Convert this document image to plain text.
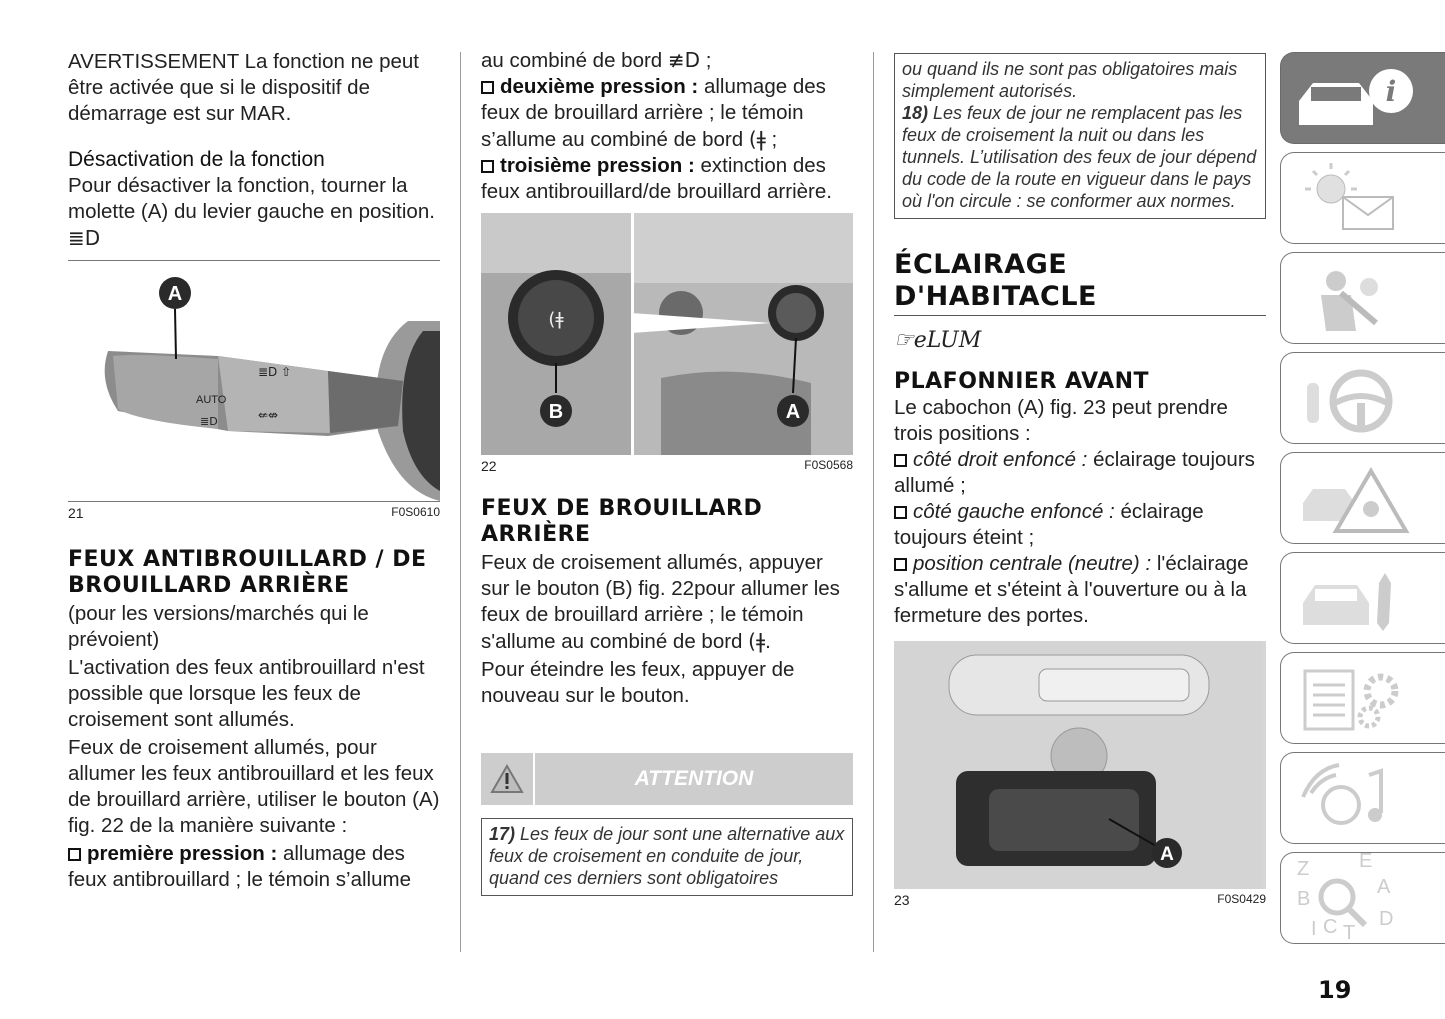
AVERTISSEMENT La fonction ne peut être activée que si le dispositif de démarrage est sur MAR.

Désactivation de la fonction

Pour désactiver la fonction, tourner la molette (A) du levier gauche en position. ≣D

AUTO
≣D ⇧
⇍⇎
≣D
A
21	F0S0610
FEUX ANTIBROUILLARD / DE BROUILLARD ARRIÈRE

(pour les versions/marchés qui le prévoient)

L'activation des feux antibrouillard n'est possible que lorsque les feux de croisement sont allumés.

Feux de croisement allumés, pour allumer les feux antibrouillard et les feux de brouillard arrière, utiliser le bouton (A) fig. 22 de la manière suivante :

première pression : allumage des feux antibrouillard ; le témoin s’allume

au combiné de bord ≢D ;

deuxième pression : allumage des feux de brouillard arrière ; le témoin s’allume au combiné de bord (ǂ ;

troisième pression : extinction des feux antibrouillard/de brouillard arrière.

(ǂ
B	A
22	F0S0568
FEUX DE BROUILLARD ARRIÈRE

Feux de croisement allumés, appuyer sur le bouton (B) fig. 22pour allumer les feux de brouillard arrière ; le témoin s'allume au combiné de bord (ǂ.

Pour éteindre les feux, appuyer de nouveau sur le bouton.

ATTENTION
17) Les feux de jour sont une alternative aux feux de croisement en conduite de jour, quand ces derniers sont obligatoires
ou quand ils ne sont pas obligatoires mais simplement autorisés.
18) Les feux de jour ne remplacent pas les feux de croisement la nuit ou dans les tunnels. L’utilisation des feux de jour dépend du code de la route en vigueur dans le pays où l'on circule : se conformer aux normes.
ÉCLAIRAGE
D'HABITACLE
☞eLUM
PLAFONNIER AVANT

Le cabochon (A) fig. 23 peut prendre trois positions :

côté droit enfoncé : éclairage toujours allumé ;

côté gauche enfoncé : éclairage toujours éteint ;

position centrale (neutre) : l'éclairage s'allume et s'éteint à l'ouverture ou à la fermeture des portes.

A
23	F0S0429
i
Z E
A
B
I C T
D
19
